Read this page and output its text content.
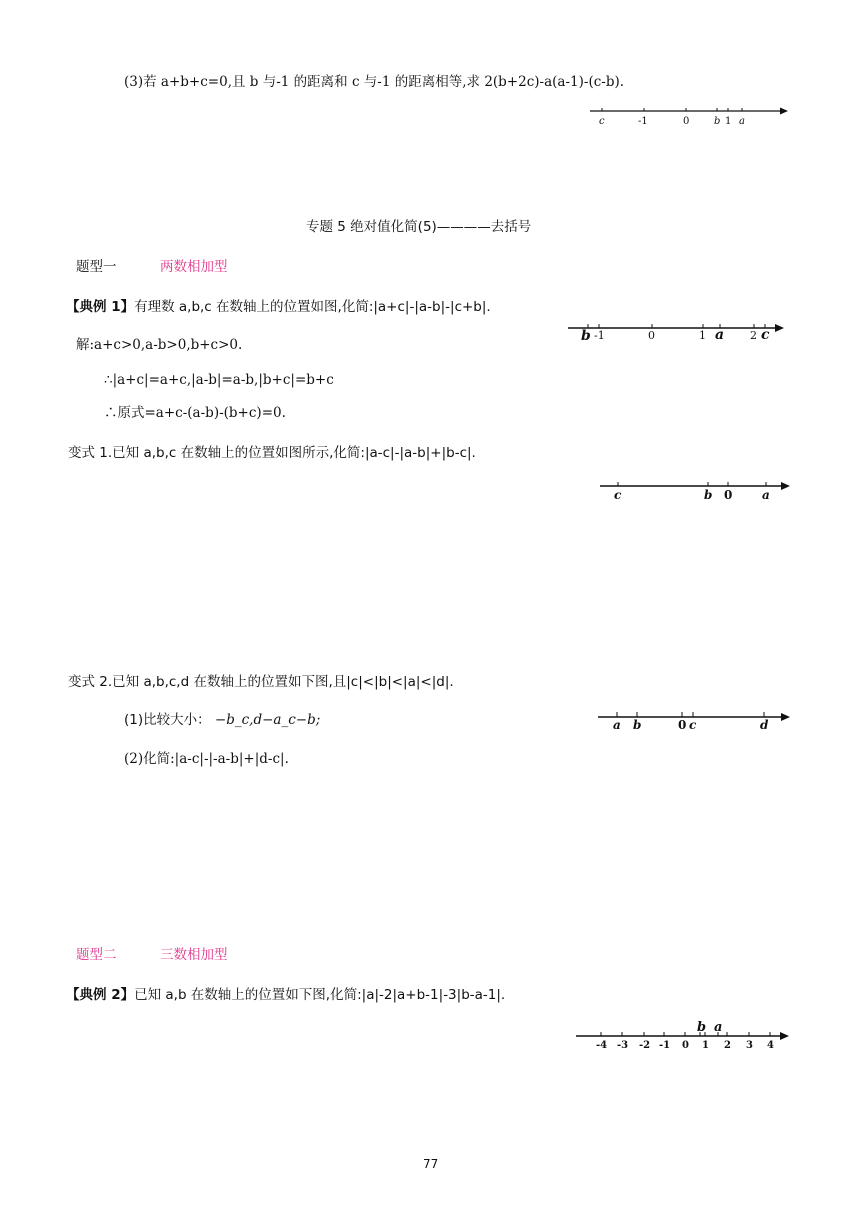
(3)若 a+b+c=0,且 b 与-1 的距离和 c 与-1 的距离相等,求 2(b+2c)-a(a-1)-(c-b).
c	-1	0 b 1 a
专题 5 绝对值化简(5)————去括号
题型一	两数相加型
【典例 1】有理数 a,b,c 在数轴上的位置如图,化简:|a+c|-|a-b|-|c+b|.
b -1	0	1 a 2 c
解:a+c>0,a-b>0,b+c>0.
∴|a+c|=a+c,|a-b|=a-b,|b+c|=b+c
∴原式=a+c-(a-b)-(b+c)=0.
变式 1.已知 a,b,c 在数轴上的位置如图所示,化简:|a-c|-|a-b|+|b-c|.
c	b 0 a
变式 2.已知 a,b,c,d 在数轴上的位置如下图,且|c|<|b|<|a|<|d|.
(1)比较大小： −b_c,d−a_c−b;
(2)化简:|a-c|-|-a-b|+|d-c|.
a b	0 c	d
题型二	三数相加型
【典例 2】已知 a,b 在数轴上的位置如下图,化简:|a|-2|a+b-1|-3|b-a-1|.
b a
-4 -3 -2 -1 0 1 2 3 4
77
